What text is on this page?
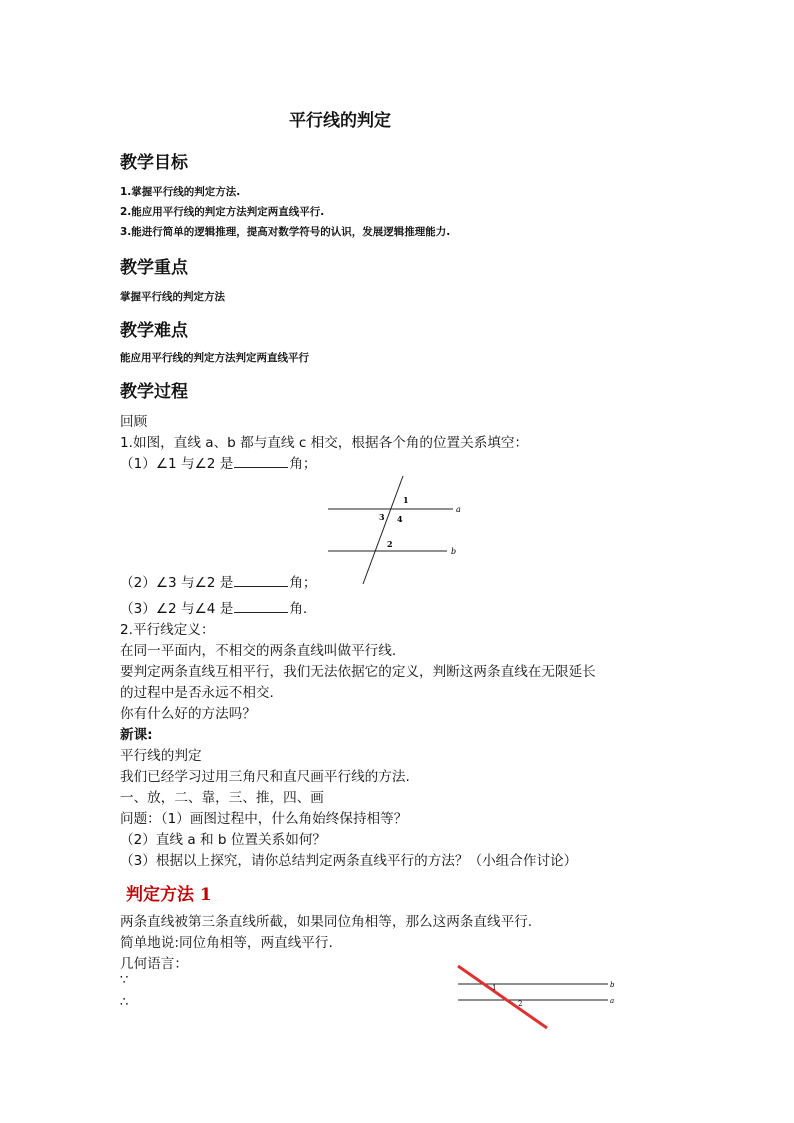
平行线的判定
教学目标
1.掌握平行线的判定方法.
2.能应用平行线的判定方法判定两直线平行.
3.能进行简单的逻辑推理，提高对数学符号的认识，发展逻辑推理能力.
教学重点
掌握平行线的判定方法
教学难点
能应用平行线的判定方法判定两直线平行
教学过程
回顾
1.如图，直线 a、b 都与直线 c 相交，根据各个角的位置关系填空：
（1）∠1 与∠2 是	角；
1
2
3 4
a
b
（2）∠3 与∠2 是	角；
（3）∠2 与∠4 是	角.
2.平行线定义：
在同一平面内，不相交的两条直线叫做平行线.
要判定两条直线互相平行，我们无法依据它的定义，判断这两条直线在无限延长
的过程中是否永远不相交.
你有什么好的方法吗？
新课:
平行线的判定
我们已经学习过用三角尺和直尺画平行线的方法.
一、放，二、靠，三、推，四、画
问题：（1）画图过程中，什么角始终保持相等？
（2）直线 a 和 b 位置关系如何？
（3）根据以上探究，请你总结判定两条直线平行的方法？（小组合作讨论）
判定方法 1
两条直线被第三条直线所截，如果同位角相等，那么这两条直线平行.
简单地说:同位角相等，两直线平行.
几何语言：
∵
∴
1
2
b
a
